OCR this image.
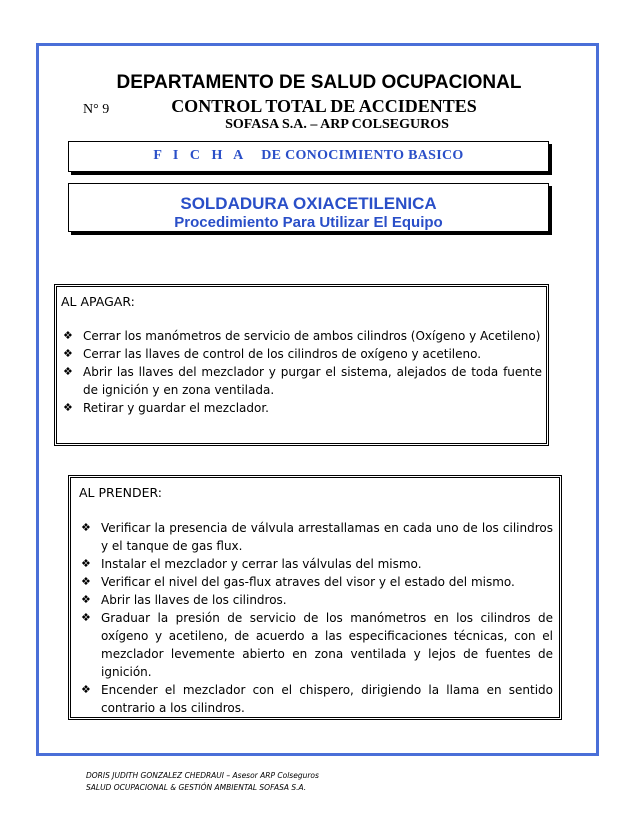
DEPARTAMENTO DE SALUD OCUPACIONAL
N° 9	CONTROL TOTAL DE ACCIDENTES
SOFASA S.A. – ARP COLSEGUROS
F I C H A DE CONOCIMIENTO BASICO
SOLDADURA OXIACETILENICA
Procedimiento Para Utilizar El Equipo
AL APAGAR:
❖ Cerrar los manómetros de servicio de ambos cilindros (Oxígeno y Acetileno)
❖ Cerrar las llaves de control de los cilindros de oxígeno y acetileno.
❖ Abrir las llaves del mezclador y purgar el sistema, alejados de toda fuente de ignición y en zona ventilada.
❖ Retirar y guardar el mezclador.
AL PRENDER:
❖ Verificar la presencia de válvula arrestallamas en cada uno de los cilindros y el tanque de gas flux.
❖ Instalar el mezclador y cerrar las válvulas del mismo.
❖ Verificar el nivel del gas-flux atraves del visor y el estado del mismo.
❖ Abrir las llaves de los cilindros.
❖ Graduar la presión de servicio de los manómetros en los cilindros de oxígeno y acetileno, de acuerdo a las especificaciones técnicas, con el mezclador levemente abierto en zona ventilada y lejos de fuentes de ignición.
❖ Encender el mezclador con el chispero, dirigiendo la llama en sentido contrario a los cilindros.
DORIS JUDITH GONZALEZ CHEDRAUI – Asesor ARP Colseguros
SALUD OCUPACIONAL & GESTIÓN AMBIENTAL SOFASA S.A.
